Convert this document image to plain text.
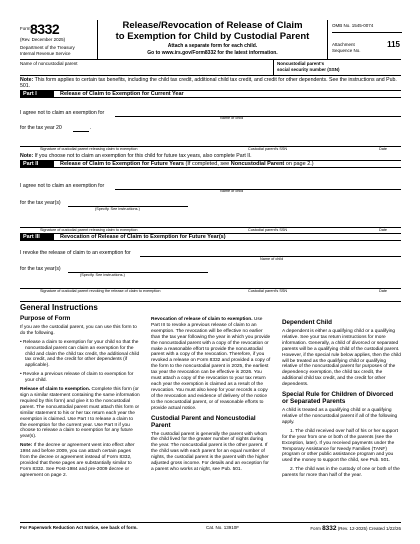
Form 8332
(Rev. December 2025)
Department of the Treasury
Internal Revenue Service
Release/Revocation of Release of Claim
to Exemption for Child by Custodial Parent
Attach a separate form for each child.
Go to www.irs.gov/Form8332 for the latest information.
OMB No. 1545-0074
Attachment
Sequence No.
115
Name of noncustodial parent	Noncustodial parent's
social security number (SSN)
Note: This form applies to certain tax benefits, including the child tax credit, additional child tax credit, and credit for other dependents. See the instructions and Pub. 501.
Part I	Release of Claim to Exemption for Current Year
I agree not to claim an exemption for
Name of child
for the tax year 20	.
Signature of custodial parent releasing claim to exemption	Custodial parent's SSN	Date
Note: If you choose not to claim an exemption for this child for future tax years, also complete Part II.
Part II	Release of Claim to Exemption for Future Years (If completed, see Noncustodial Parent on page 2.)
I agree not to claim an exemption for
Name of child
for the tax year(s)
(Specify. See instructions.)
Signature of custodial parent releasing claim to exemption	Custodial parent's SSN	Date
Part III	Revocation of Release of Claim to Exemption for Future Year(s)
I revoke the release of claim to an exemption for
Name of child
for the tax year(s)
(Specify. See instructions.)
Signature of custodial parent revoking the release of claim to exemption	Custodial parent's SSN	Date
General Instructions
Purpose of Form

If you are the custodial parent, you can use this form to do the following.

• Release a claim to exemption for your child so that the noncustodial parent can claim an exemption for the child and claim the child tax credit, the additional child tax credit, and the credit for other dependents (if applicable).

• Revoke a previous release of claim to exemption for your child.

Release of claim to exemption. Complete this form (or sign a similar statement containing the same information required by this form) and give it to the noncustodial parent. The noncustodial parent must attach this form or similar statement to his or her tax return each year the exemption is claimed. Use Part I to release a claim to the exemption for the current year. Use Part II if you choose to release a claim to exemption for any future year(s).

Note: If the decree or agreement went into effect after 1984 and before 2009, you can attach certain pages from the decree or agreement instead of Form 8332, provided that these pages are substantially similar to Form 8332. See Post-1984 and pre-2009 decree or agreement on page 2.

Revocation of release of claim to exemption. Use Part III to revoke a previous release of claim to an exemption. The revocation will be effective no earlier than the tax year following the year in which you provide the noncustodial parent with a copy of the revocation or make a reasonable effort to provide the noncustodial parent with a copy of the revocation. Therefore, if you revoked a release on Form 8332 and provided a copy of the form to the noncustodial parent in 2025, the earliest tax year the revocation can be effective is 2026. You must attach a copy of the revocation to your tax return each year the exemption is claimed as a result of the revocation. You must also keep for your records a copy of the revocation and evidence of delivery of the notice to the noncustodial parent, or of reasonable efforts to provide actual notice.

Custodial Parent and Noncustodial Parent

The custodial parent is generally the parent with whom the child lived for the greater number of nights during the year. The noncustodial parent is the other parent. If the child was with each parent for an equal number of nights, the custodial parent is the parent with the higher adjusted gross income. For details and an exception for a parent who works at night, see Pub. 501.

Dependent Child

A dependent is either a qualifying child or a qualifying relative. See your tax return instructions for more information. Generally, a child of divorced or separated parents will be a qualifying child of the custodial parent. However, if the special rule below applies, then the child will be treated as the qualifying child or qualifying relative of the noncustodial parent for purposes of the dependency exemption, the child tax credit, the additional child tax credit, and the credit for other dependents.

Special Rule for Children of Divorced or Separated Parents

A child is treated as a qualifying child or a qualifying relative of the noncustodial parent if all of the following apply.

1. The child received over half of his or her support for the year from one or both of the parents (see the Exception, later). If you received payments under the Temporary Assistance for Needy Families (TANF) program or other public assistance program and you used the money to support the child, see Pub. 501.

2. The child was in the custody of one or both of the parents for more than half of the year.

For Paperwork Reduction Act Notice, see back of form.	Cat. No. 13910F	Form 8332 (Rev. 12-2025) Created 1/22/26
